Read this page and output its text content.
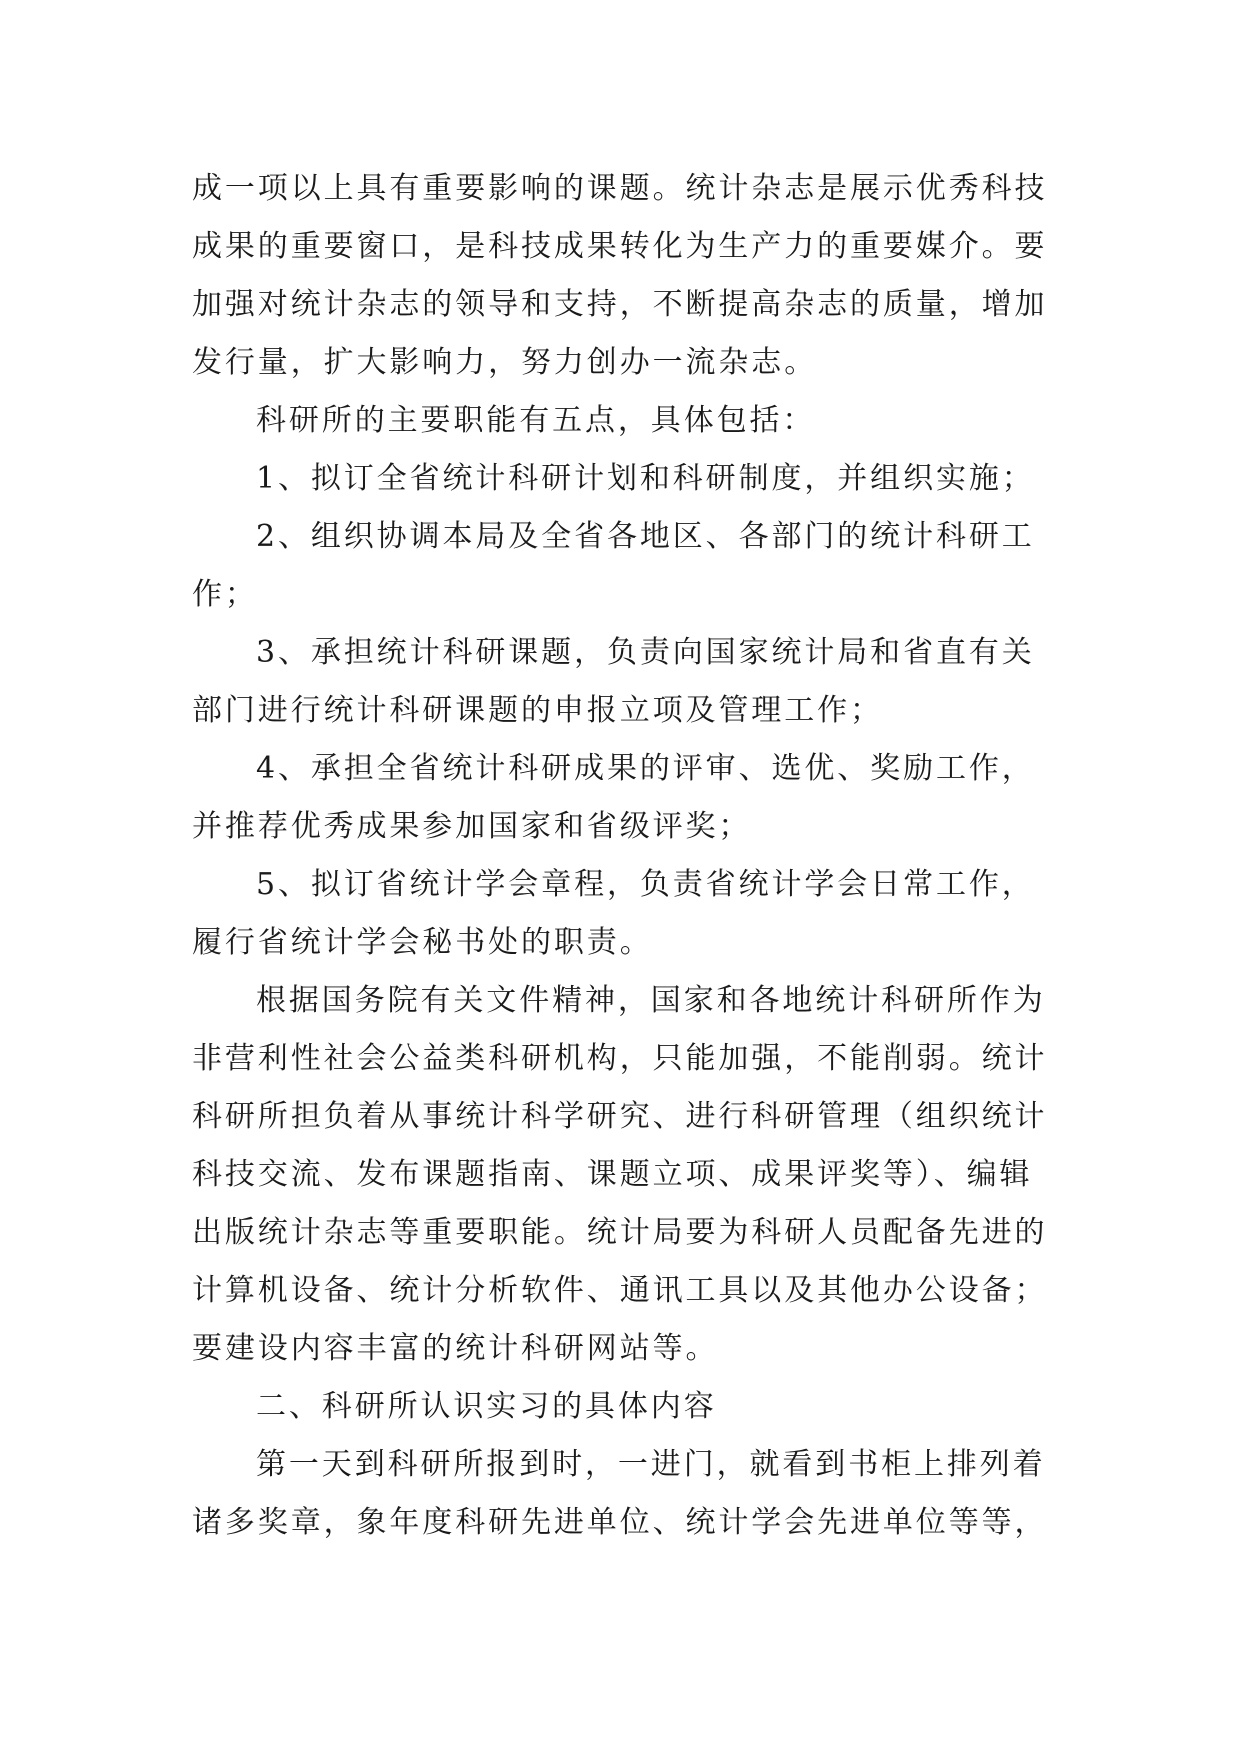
成一项以上具有重要影响的课题。统计杂志是展示优秀科技

成果的重要窗口，是科技成果转化为生产力的重要媒介。要

加强对统计杂志的领导和支持，不断提高杂志的质量，增加

发行量，扩大影响力，努力创办一流杂志。

科研所的主要职能有五点，具体包括：

1、拟订全省统计科研计划和科研制度，并组织实施；

2、组织协调本局及全省各地区、各部门的统计科研工

作；

3、承担统计科研课题，负责向国家统计局和省直有关

部门进行统计科研课题的申报立项及管理工作；

4、承担全省统计科研成果的评审、选优、奖励工作，

并推荐优秀成果参加国家和省级评奖；

5、拟订省统计学会章程，负责省统计学会日常工作，

履行省统计学会秘书处的职责。

根据国务院有关文件精神，国家和各地统计科研所作为

非营利性社会公益类科研机构，只能加强，不能削弱。统计

科研所担负着从事统计科学研究、进行科研管理（组织统计

科技交流、发布课题指南、课题立项、成果评奖等）、编辑

出版统计杂志等重要职能。统计局要为科研人员配备先进的

计算机设备、统计分析软件、通讯工具以及其他办公设备；

要建设内容丰富的统计科研网站等。

二、科研所认识实习的具体内容

第一天到科研所报到时，一进门，就看到书柜上排列着

诸多奖章，象年度科研先进单位、统计学会先进单位等等，
